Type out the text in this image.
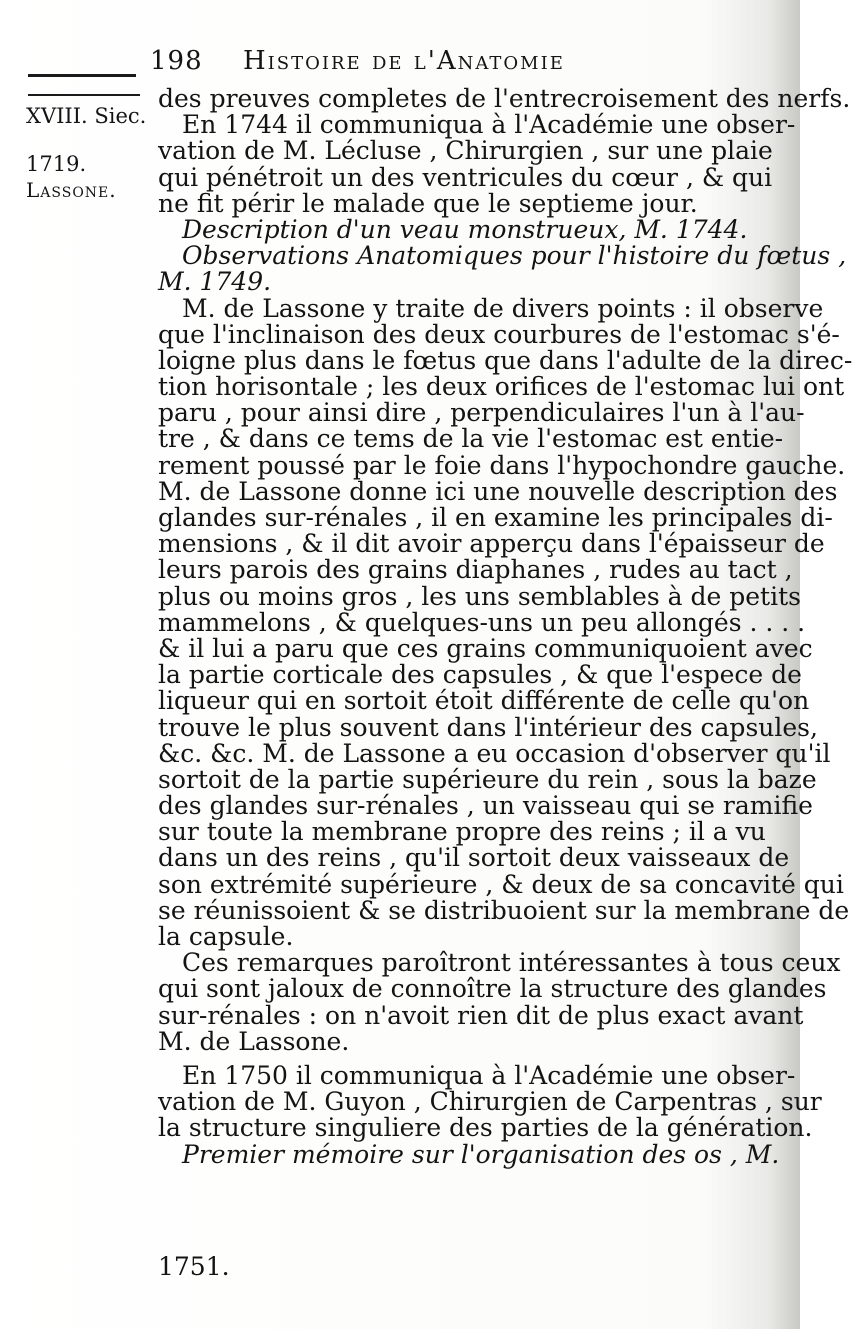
198 Histoire de l'Anatomie
XVIII. Siec.
1719.
Lassone.
des preuves completes de l'entrecroisement des nerfs.
En 1744 il communiqua à l'Académie une obser-
vation de M. Lécluse , Chirurgien , sur une plaie
qui pénétroit un des ventricules du cœur , & qui
ne fit périr le malade que le septieme jour.
Description d'un veau monstrueux, M. 1744.
Observations Anatomiques pour l'histoire du fœtus ,
M. 1749.
M. de Lassone y traite de divers points : il observe
que l'inclinaison des deux courbures de l'estomac s'é-
loigne plus dans le fœtus que dans l'adulte de la direc-
tion horisontale ; les deux orifices de l'estomac lui ont
paru , pour ainsi dire , perpendiculaires l'un à l'au-
tre , & dans ce tems de la vie l'estomac est entie-
rement poussé par le foie dans l'hypochondre gauche.
M. de Lassone donne ici une nouvelle description des
glandes sur-rénales , il en examine les principales di-
mensions , & il dit avoir apperçu dans l'épaisseur de
leurs parois des grains diaphanes , rudes au tact ,
plus ou moins gros , les uns semblables à de petits
mammelons , & quelques-uns un peu allongés . . . .
& il lui a paru que ces grains communiquoient avec
la partie corticale des capsules , & que l'espece de
liqueur qui en sortoit étoit différente de celle qu'on
trouve le plus souvent dans l'intérieur des capsules,
&c. &c. M. de Lassone a eu occasion d'observer qu'il
sortoit de la partie supérieure du rein , sous la baze
des glandes sur-rénales , un vaisseau qui se ramifie
sur toute la membrane propre des reins ; il a vu
dans un des reins , qu'il sortoit deux vaisseaux de
son extrémité supérieure , & deux de sa concavité qui
se réunissoient & se distribuoient sur la membrane de
la capsule.
Ces remarques paroîtront intéressantes à tous ceux
qui sont jaloux de connoître la structure des glandes
sur-rénales : on n'avoit rien dit de plus exact avant
M. de Lassone.
En 1750 il communiqua à l'Académie une obser-
vation de M. Guyon , Chirurgien de Carpentras , sur
la structure singuliere des parties de la génération.
Premier mémoire sur l'organisation des os , M.
1751.
